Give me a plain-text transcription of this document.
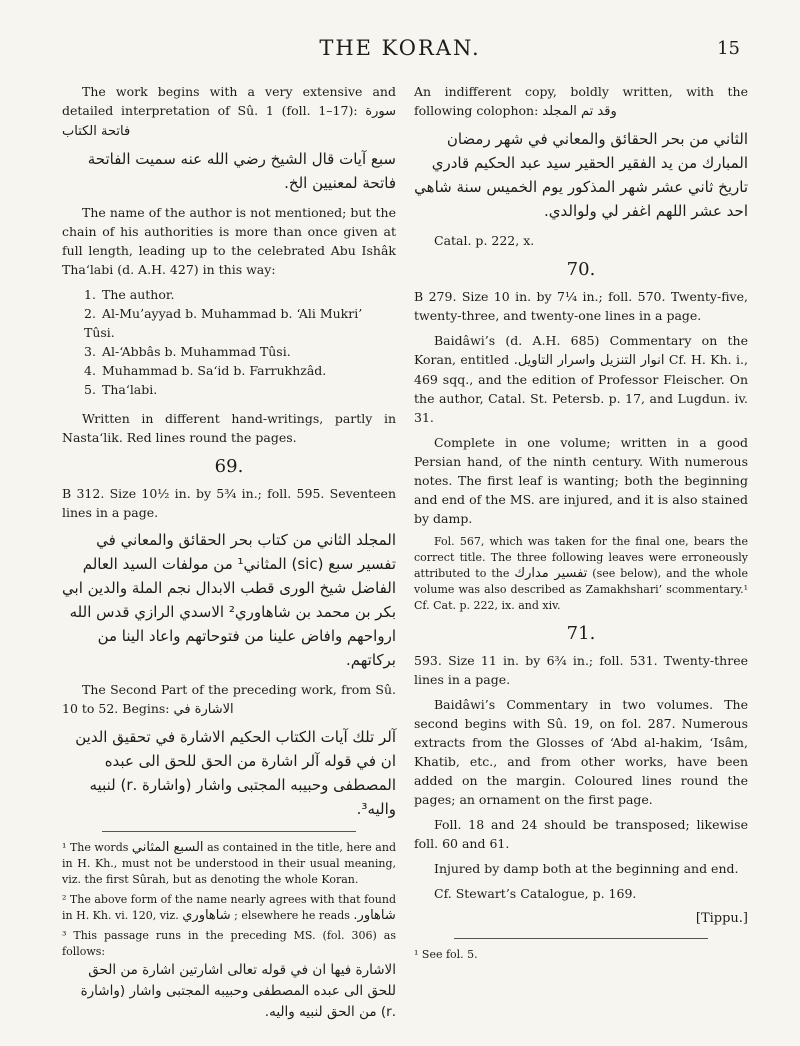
THE KORAN.	15

The work begins with a very extensive and detailed interpretation of Sû. 1 (foll. 1–17): سورة فاتحة الكتاب

سبع آيات قال الشيخ رضي الله عنه سميت الفاتحة فاتحة لمعنيين الخ.

The name of the author is not mentioned; but the chain of his authorities is more than once given at full length, leading up to the celebrated Abu Ishâk Tha‘labi (d. A.H. 427) in this way:

1. The author.
2. Al-Mu’ayyad b. Muhammad b. ‘Ali Mukri’ Tûsi.
3. Al-‘Abbâs b. Muhammad Tûsi.
4. Muhammad b. Sa‘id b. Farrukhzâd.
5. Tha‘labi.

Written in different hand-writings, partly in Nasta‘lik. Red lines round the pages.

69.

B 312. Size 10½ in. by 5¾ in.; foll. 595. Seventeen lines in a page.

المجلد الثاني من كتاب بحر الحقائق والمعاني في تفسير سبع (sic) المثاني¹ من مولفات السيد العالم الفاضل شيخ الورى قطب الابدال نجم الملة والدين ابي بكر بن محمد بن شاهاوري² الاسدي الرازي قدس الله ارواحهم وافاض علينا من فتوحاتهم واعاد الينا من بركاتهم.

The Second Part of the preceding work, from Sû. 10 to 52. Begins: الاشارة في

آلر تلك آيات الكتاب الحكيم الاشارة في تحقيق الدين ان في قوله آلر اشارة من الحق للحق الى عبده المصطفى وحبيبه المجتبى واشار (واشارة .r) لنبيه واليه³.

¹ The words السبع المثاني as contained in the title, here and in H. Kh., must not be understood in their usual meaning, viz. the first Sûrah, but as denoting the whole Koran.

² The above form of the name nearly agrees with that found in H. Kh. vi. 120, viz. شاهاوري ; elsewhere he reads شاهاور.

³ This passage runs in the preceding MS. (fol. 306) as follows:
الاشارة فيها ان في قوله تعالى اشارتين اشارة من الحق للحق الى عبده المصطفى وحبيبه المجتبى واشار (واشارة .r) من الحق لنبيه واليه.

An indifferent copy, boldly written, with the following colophon: وقد تم المجلد

الثاني من بحر الحقائق والمعاني في شهر رمضان المبارك من يد الفقير الحقير سيد عبد الحكيم قادري تاريخ ثاني عشر شهر المذكور يوم الخميس سنة شاهي احد عشر اللهم اغفر لي ولوالدي.

Catal. p. 222, x.

70.

B 279. Size 10 in. by 7¼ in.; foll. 570. Twenty-five, twenty-three, and twenty-one lines in a page.

Baidâwi’s (d. A.H. 685) Commentary on the Koran, entitled انوار التنزيل واسرار التاويل. Cf. H. Kh. i., 469 sqq., and the edition of Professor Fleischer. On the author, Catal. St. Petersb. p. 17, and Lugdun. iv. 31.

Complete in one volume; written in a good Persian hand, of the ninth century. With numerous notes. The first leaf is wanting; both the beginning and end of the MS. are injured, and it is also stained by damp.

Fol. 567, which was taken for the final one, bears the correct title. The three following leaves were erroneously attributed to the تفسير مدارك (see below), and the whole volume was also described as Zamakhshari’ scommentary.¹ Cf. Cat. p. 222, ix. and xiv.

71.

593. Size 11 in. by 6¾ in.; foll. 531. Twenty-three lines in a page.

Baidâwi’s Commentary in two volumes. The second begins with Sû. 19, on fol. 287. Numerous extracts from the Glosses of ‘Abd al-hakim, ‘Isâm, Khatib, etc., and from other works, have been added on the margin. Coloured lines round the pages; an ornament on the first page.

Foll. 18 and 24 should be transposed; likewise foll. 60 and 61.

Injured by damp both at the beginning and end.

Cf. Stewart’s Catalogue, p. 169.

[Tippu.]

¹ See fol. 5.
